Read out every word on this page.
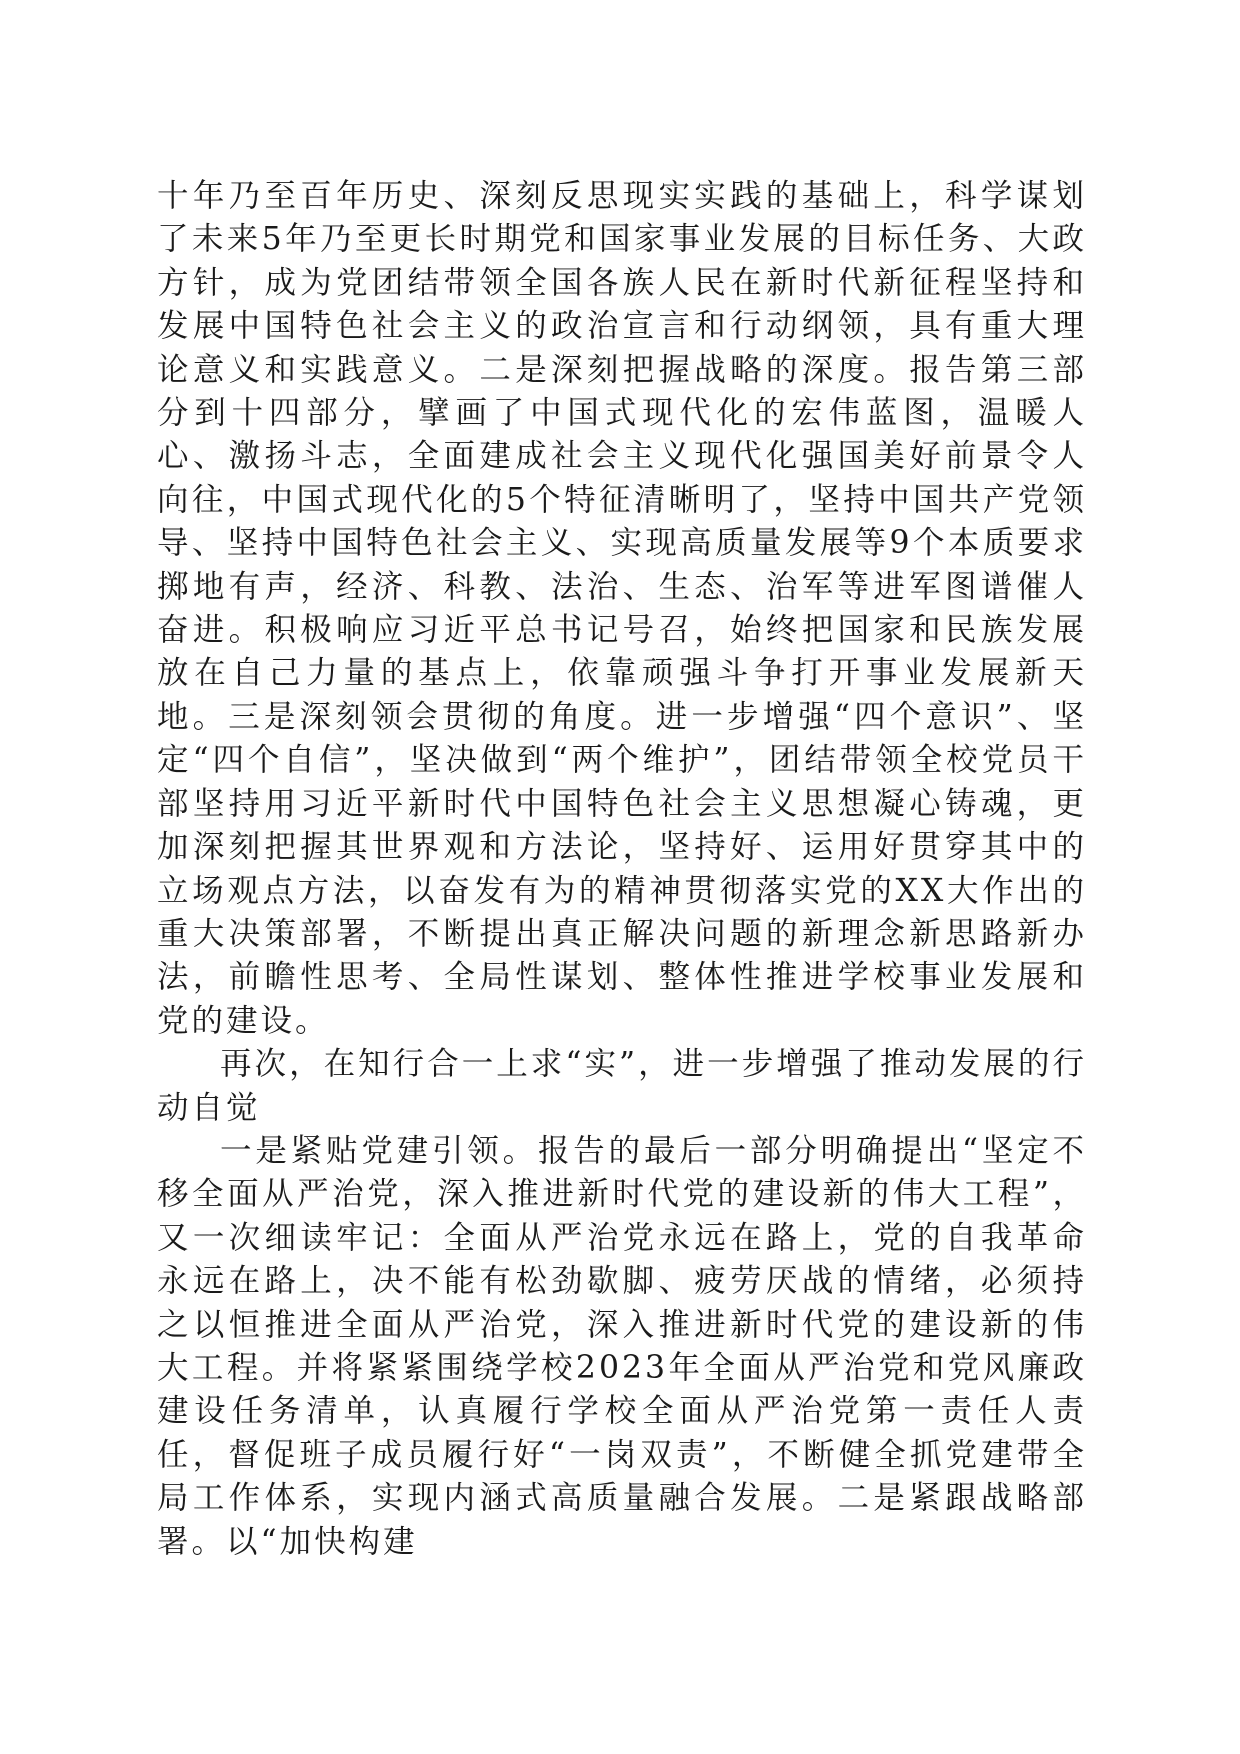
十年乃至百年历史、深刻反思现实实践的基础上，科学谋划了未来5年乃至更长时期党和国家事业发展的目标任务、大政方针，成为党团结带领全国各族人民在新时代新征程坚持和发展中国特色社会主义的政治宣言和行动纲领，具有重大理论意义和实践意义。二是深刻把握战略的深度。报告第三部分到十四部分，擘画了中国式现代化的宏伟蓝图，温暖人心、激扬斗志，全面建成社会主义现代化强国美好前景令人向往，中国式现代化的5个特征清晰明了，坚持中国共产党领导、坚持中国特色社会主义、实现高质量发展等9个本质要求掷地有声，经济、科教、法治、生态、治军等进军图谱催人奋进。积极响应习近平总书记号召，始终把国家和民族发展放在自己力量的基点上，依靠顽强斗争打开事业发展新天地。三是深刻领会贯彻的角度。进一步增强“四个意识”、坚定“四个自信”，坚决做到“两个维护”，团结带领全校党员干部坚持用习近平新时代中国特色社会主义思想凝心铸魂，更加深刻把握其世界观和方法论，坚持好、运用好贯穿其中的立场观点方法，以奋发有为的精神贯彻落实党的XX大作出的重大决策部署，不断提出真正解决问题的新理念新思路新办法，前瞻性思考、全局性谋划、整体性推进学校事业发展和党的建设。

再次，在知行合一上求“实”，进一步增强了推动发展的行动自觉

一是紧贴党建引领。报告的最后一部分明确提出“坚定不移全面从严治党，深入推进新时代党的建设新的伟大工程”，又一次细读牢记：全面从严治党永远在路上，党的自我革命永远在路上，决不能有松劲歇脚、疲劳厌战的情绪，必须持之以恒推进全面从严治党，深入推进新时代党的建设新的伟大工程。并将紧紧围绕学校2023年全面从严治党和党风廉政建设任务清单，认真履行学校全面从严治党第一责任人责任，督促班子成员履行好“一岗双责”，不断健全抓党建带全局工作体系，实现内涵式高质量融合发展。二是紧跟战略部署。以“加快构建
